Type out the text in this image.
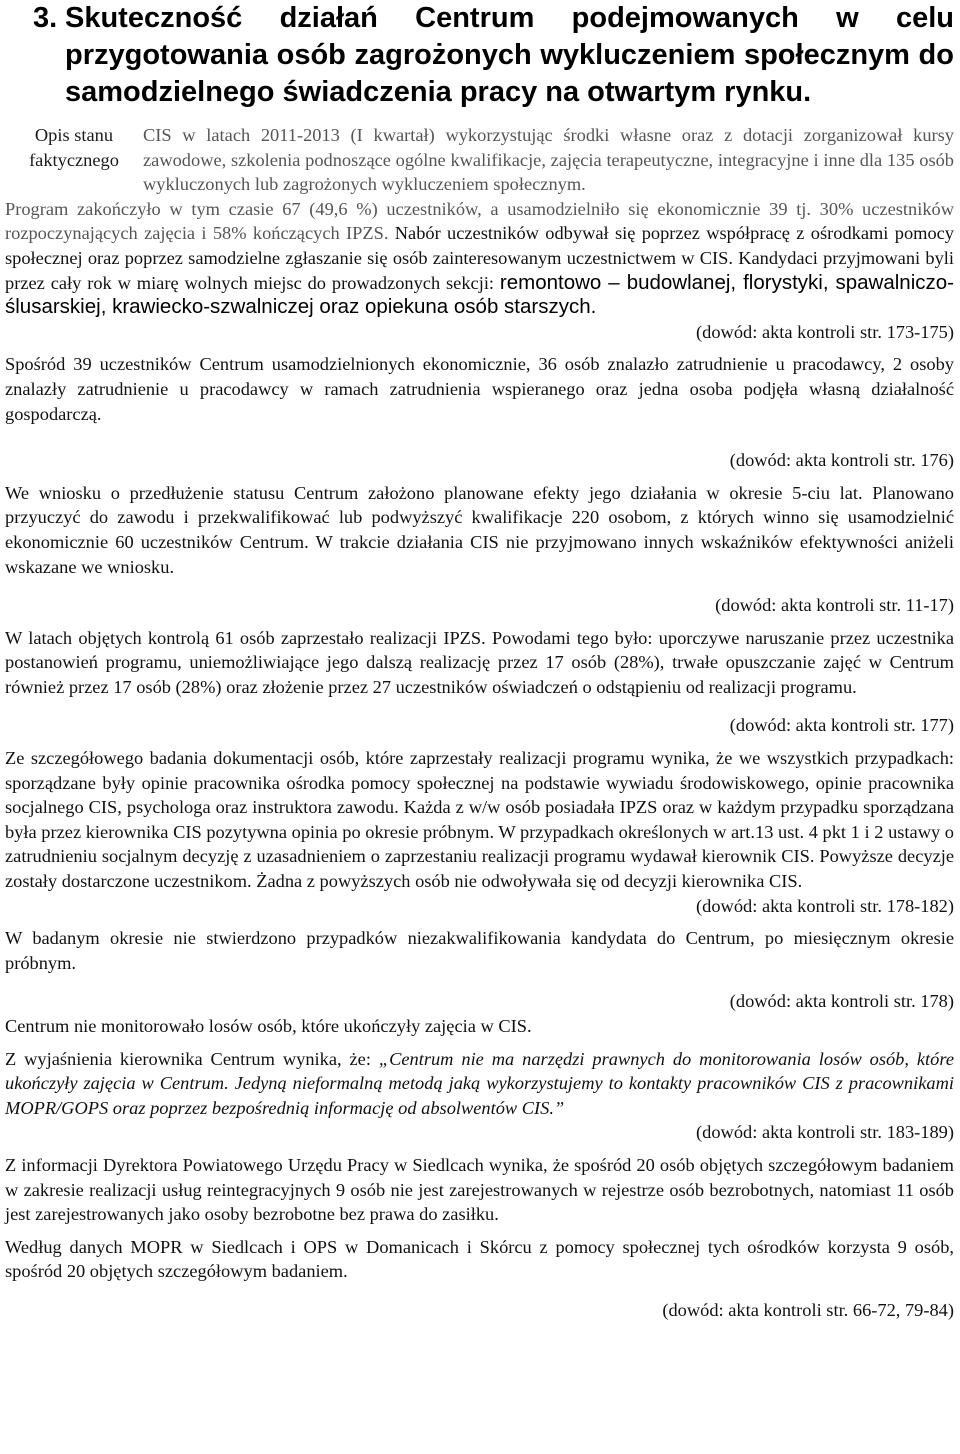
3. Skuteczność działań Centrum podejmowanych w celu przygotowania osób zagrożonych wykluczeniem społecznym do samodzielnego świadczenia pracy na otwartym rynku.
Opis stanu
faktycznego
CIS w latach 2011-2013 (I kwartał) wykorzystując środki własne oraz z dotacji zorganizował kursy zawodowe, szkolenia podnoszące ogólne kwalifikacje, zajęcia terapeutyczne, integracyjne i inne dla 135 osób wykluczonych lub zagrożonych wykluczeniem społecznym.

Program zakończyło w tym czasie 67 (49,6 %) uczestników, a usamodzielniło się ekonomicznie 39 tj. 30% uczestników rozpoczynających zajęcia i 58% kończących IPZS. Nabór uczestników odbywał się poprzez współpracę z ośrodkami pomocy społecznej oraz poprzez samodzielne zgłaszanie się osób zainteresowanym uczestnictwem w CIS. Kandydaci przyjmowani byli przez cały rok w miarę wolnych miejsc do prowadzonych sekcji: remontowo – budowlanej, florystyki, spawalniczo-ślusarskiej, krawiecko-szwalniczej oraz opiekuna osób starszych.

(dowód: akta kontroli str. 173-175)

Spośród 39 uczestników Centrum usamodzielnionych ekonomicznie, 36 osób znalazło zatrudnienie u pracodawcy, 2 osoby znalazły zatrudnienie u pracodawcy w ramach zatrudnienia wspieranego oraz jedna osoba podjęła własną działalność gospodarczą.

(dowód: akta kontroli str. 176)

We wniosku o przedłużenie statusu Centrum założono planowane efekty jego działania w okresie 5-ciu lat. Planowano przyuczyć do zawodu i przekwalifikować lub podwyższyć kwalifikacje 220 osobom, z których winno się usamodzielnić ekonomicznie 60 uczestników Centrum. W trakcie działania CIS nie przyjmowano innych wskaźników efektywności aniżeli wskazane we wniosku.

(dowód: akta kontroli str. 11-17)

W latach objętych kontrolą 61 osób zaprzestało realizacji IPZS. Powodami tego było: uporczywe naruszanie przez uczestnika postanowień programu, uniemożliwiające jego dalszą realizację przez 17 osób (28%), trwałe opuszczanie zajęć w Centrum również przez 17 osób (28%) oraz złożenie przez 27 uczestników oświadczeń o odstąpieniu od realizacji programu.

(dowód: akta kontroli str. 177)

Ze szczegółowego badania dokumentacji osób, które zaprzestały realizacji programu wynika, że we wszystkich przypadkach: sporządzane były opinie pracownika ośrodka pomocy społecznej na podstawie wywiadu środowiskowego, opinie pracownika socjalnego CIS, psychologa oraz instruktora zawodu. Każda z w/w osób posiadała IPZS oraz w każdym przypadku sporządzana była przez kierownika CIS pozytywna opinia po okresie próbnym. W przypadkach określonych w art.13 ust. 4 pkt 1 i 2 ustawy o zatrudnieniu socjalnym decyzję z uzasadnieniem o zaprzestaniu realizacji programu wydawał kierownik CIS. Powyższe decyzje zostały dostarczone uczestnikom. Żadna z powyższych osób nie odwoływała się od decyzji kierownika CIS.

(dowód: akta kontroli str. 178-182)

W badanym okresie nie stwierdzono przypadków niezakwalifikowania kandydata do Centrum, po miesięcznym okresie próbnym.

(dowód: akta kontroli str. 178)

Centrum nie monitorowało losów osób, które ukończyły zajęcia w CIS.

Z wyjaśnienia kierownika Centrum wynika, że: „Centrum nie ma narzędzi prawnych do monitorowania losów osób, które ukończyły zajęcia w Centrum. Jedyną nieformalną metodą jaką wykorzystujemy to kontakty pracowników CIS z pracownikami MOPR/GOPS oraz poprzez bezpośrednią informację od absolwentów CIS.”

(dowód: akta kontroli str. 183-189)

Z informacji Dyrektora Powiatowego Urzędu Pracy w Siedlcach wynika, że spośród 20 osób objętych szczegółowym badaniem w zakresie realizacji usług reintegracyjnych 9 osób nie jest zarejestrowanych w rejestrze osób bezrobotnych, natomiast 11 osób jest zarejestrowanych jako osoby bezrobotne bez prawa do zasiłku.

Według danych MOPR w Siedlcach i OPS w Domanicach i Skórcu z pomocy społecznej tych ośrodków korzysta 9 osób, spośród 20 objętych szczegółowym badaniem.

(dowód: akta kontroli str. 66-72, 79-84)
